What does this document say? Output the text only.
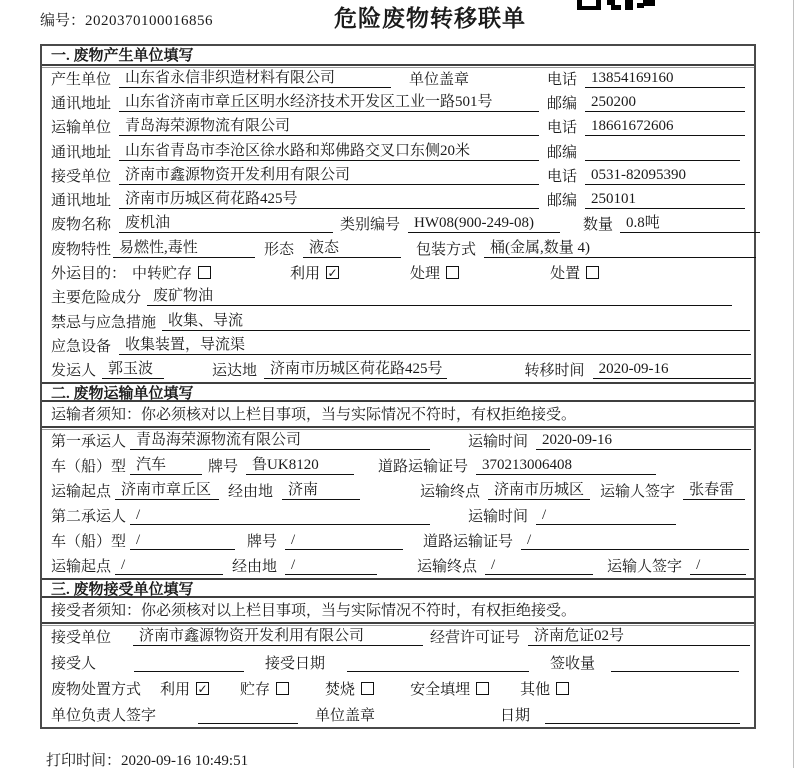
编号：2020370100016856	危险废物转移联单
一. 废物产生单位填写
产生单位 山东省永信非织造材料有限公司	单位盖章	电话 13854169160
通讯地址 山东省济南市章丘区明水经济技术开发区工业一路501号	邮编 250200
运输单位 青岛海荣源物流有限公司	电话 18661672606
通讯地址 山东省青岛市李沧区徐水路和郑佛路交叉口东侧20米	邮编
接受单位 济南市鑫源物资开发利用有限公司	电话 0531-82095390
通讯地址 济南市历城区荷花路425号	邮编 250101
废物名称 废机油	类别编号 HW08(900-249-08)	数量 0.8吨
废物特性 易燃性,毒性	形态	液态	包装方式 桶(金属,数量 4)
外运目的： 中转贮存	利用 ✓	处理	处置
主要危险成分 废矿物油
禁忌与应急措施 收集、导流
应急设备 收集装置，导流渠
发运人 郭玉波	运达地 济南市历城区荷花路425号	转移时间 2020-09-16
二. 废物运输单位填写
运输者须知：你必须核对以上栏目事项，当与实际情况不符时，有权拒绝接受。
第一承运人 青岛海荣源物流有限公司	运输时间 2020-09-16
车（船）型 汽车	牌号 鲁UK8120	道路运输证号 370213006408
运输起点 济南市章丘区	经由地	济南	运输终点 济南市历城区	运输人签字 张春雷
第二承运人 /	运输时间 /
车（船）型 /	牌号 /	道路运输证号 /
运输起点 /	经由地 /	运输终点 /	运输人签字 /
三. 废物接受单位填写
接受者须知：你必须核对以上栏目事项，当与实际情况不符时，有权拒绝接受。
接受单位	济南市鑫源物资开发利用有限公司	经营许可证号 济南危证02号
接受人	接受日期	签收量
废物处置方式 利用 ✓ 贮存	焚烧	安全填埋	其他
单位负责人签字	单位盖章	日期
打印时间：2020-09-16 10:49:51
